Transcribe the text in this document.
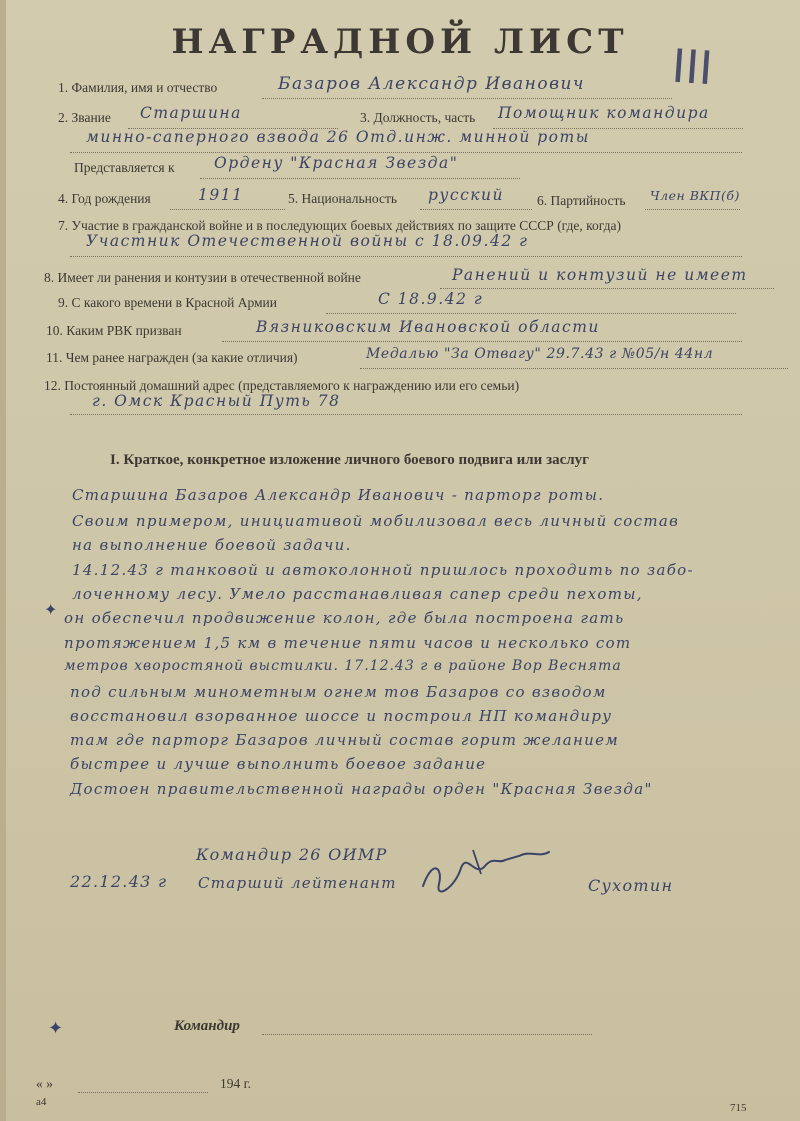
НАГРАДНОЙ ЛИСТ III
1. Фамилия, имя и отчество	Базаров Александр Иванович
2. Звание Старшина	3. Должность, часть Помощник командира
минно-саперного взвода 26 Отд.инж. минной роты
Представляется к	Ордену "Красная Звезда"
4. Год рождения	1911	5. Национальность русский 6. Партийность Член ВКП(б)
7. Участие в гражданской войне и в последующих боевых действиях по защите СССР (где, когда)
Участник Отечественной войны с 18.09.42 г
8. Имеет ли ранения и контузии в отечественной войне	Ранений и контузий не имеет
9. С какого времени в Красной Армии	С 18.9.42 г
10. Каким РВК призван	Вязниковским Ивановской области
11. Чем ранее награжден (за какие отличия)	Медалью "За Отвагу" 29.7.43 г №05/н 44нл
12. Постоянный домашний адрес (представляемого к награждению или его семьи)
г. Омск Красный Путь 78
I. Краткое, конкретное изложение личного боевого подвига или заслуг
Старшина Базаров Александр Иванович - парторг роты.
Своим примером, инициативой мобилизовал весь личный состав
на выполнение боевой задачи.
14.12.43 г танковой и автоколонной пришлось проходить по забо-
лоченному лесу. Умело расстанавливая сапер среди пехоты,
он обеспечил продвижение колон, где была построена гать
протяжением 1,5 км в течение пяти часов и несколько сот
метров хворостяной выстилки. 17.12.43 г в районе Вор Веснята
под сильным минометным огнем тов Базаров со взводом
восстановил взорванное шоссе и построил НП командиру
там где парторг Базаров личный состав горит желанием
быстрее и лучше выполнить боевое задание
Достоен правительственной награды орден "Красная Звезда"
✦
Командир 26 ОИМР
22.12.43 г Старший лейтенант	Сухотин
✦	Командир
« »	194 г.
а4	715
